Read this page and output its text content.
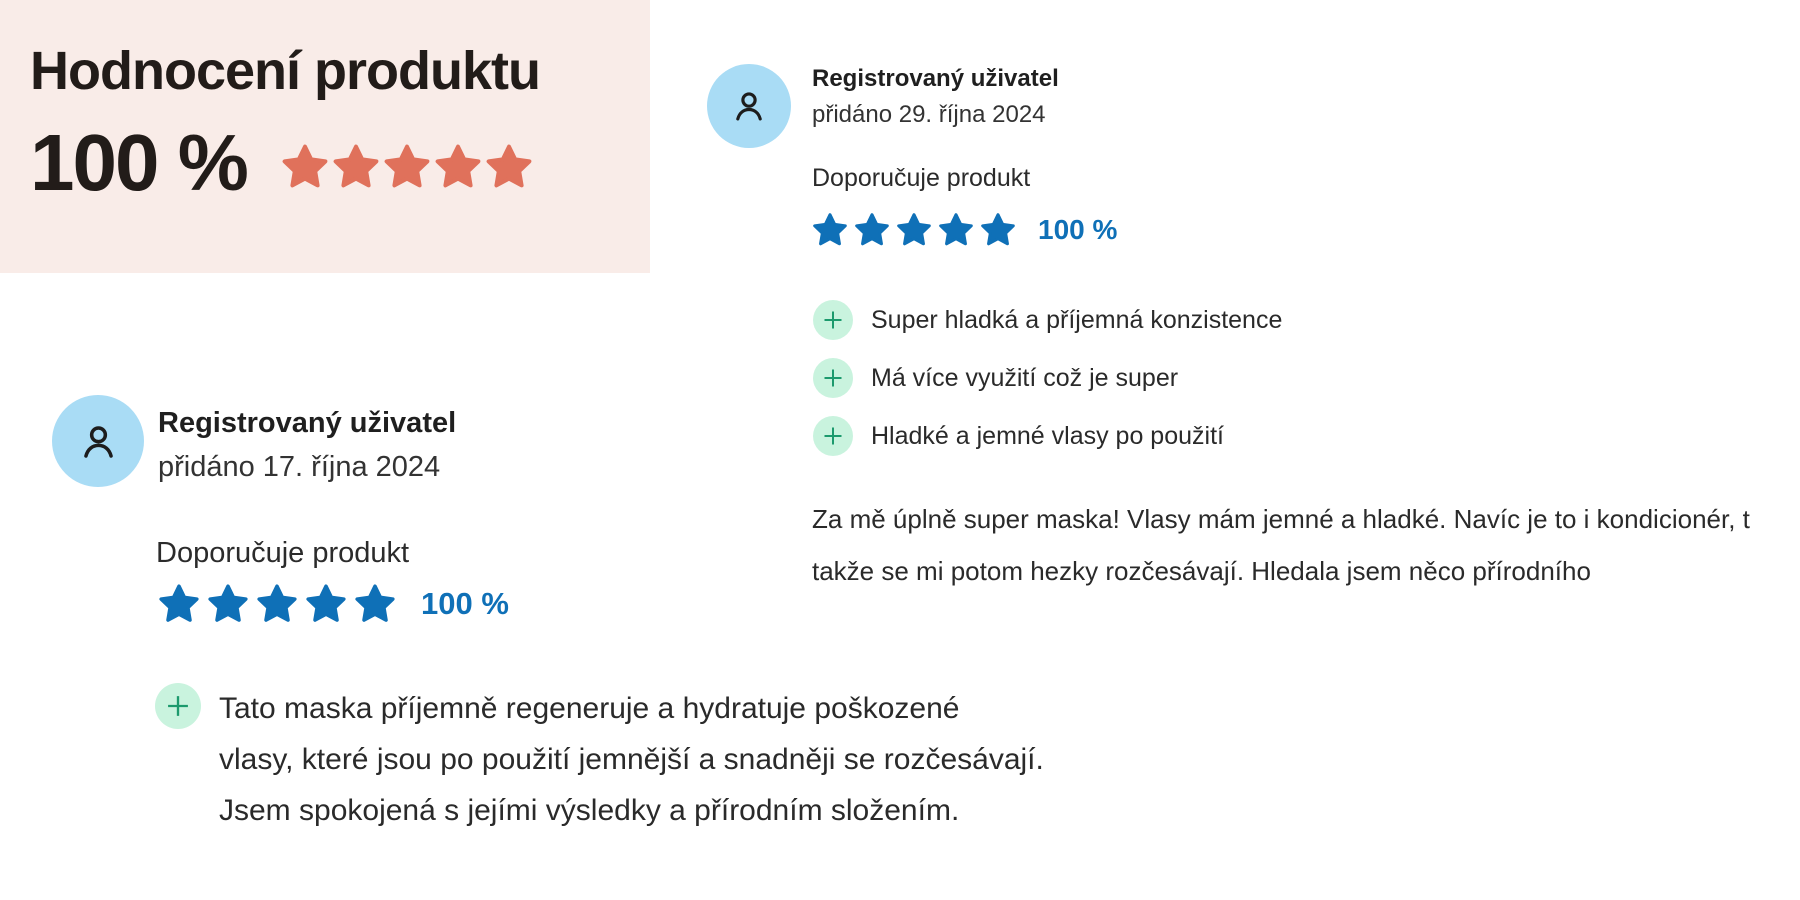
Hodnocení produktu
100 %
Registrovaný uživatel
přidáno 29. října 2024
Doporučuje produkt
100 %
Super hladká a příjemná konzistence
Má více využití což je super
Hladké a jemné vlasy po použití
Za mě úplně super maska! Vlasy mám jemné a hladké. Navíc je to i kondicionér, t
takže se mi potom hezky rozčesávají. Hledala jsem něco přírodního
Registrovaný uživatel
přidáno 17. října 2024
Doporučuje produkt
100 %
Tato maska příjemně regeneruje a hydratuje poškozené
vlasy, které jsou po použití jemnější a snadněji se rozčesávají.
Jsem spokojená s jejími výsledky a přírodním složením.
